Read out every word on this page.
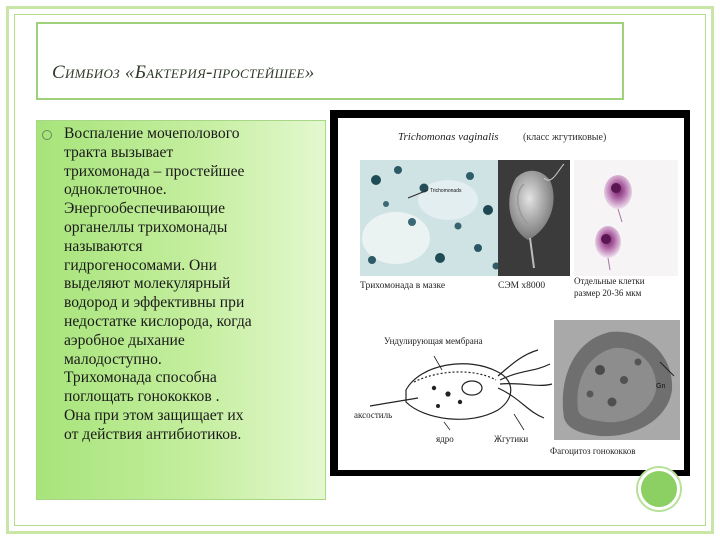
Симбиоз «Бактерия-простейшее»
Воспаление мочеполового
тракта вызывает
трихомонада – простейшее
одноклеточное.
Энергообеспечивающие
органеллы трихомонады
называются
гидрогеносомами. Они
выделяют молекулярный
водород и эффективны при
недостатке кислорода, когда
аэробное дыхание
малодоступно.
Трихомонада способна
поглощать гонококков .
Она при этом защищает их
от действия антибиотиков.
Trichomonas vaginalis (класс жгутиковые)
Trichomonads
Трихомонада в мазке	СЭМ x8000	Отдельные клетки
размер 20-36 мкм
Ундулирующая мембрана
аксостиль
ядро	Жгутики
Gn
Фагоцитоз гонококков
